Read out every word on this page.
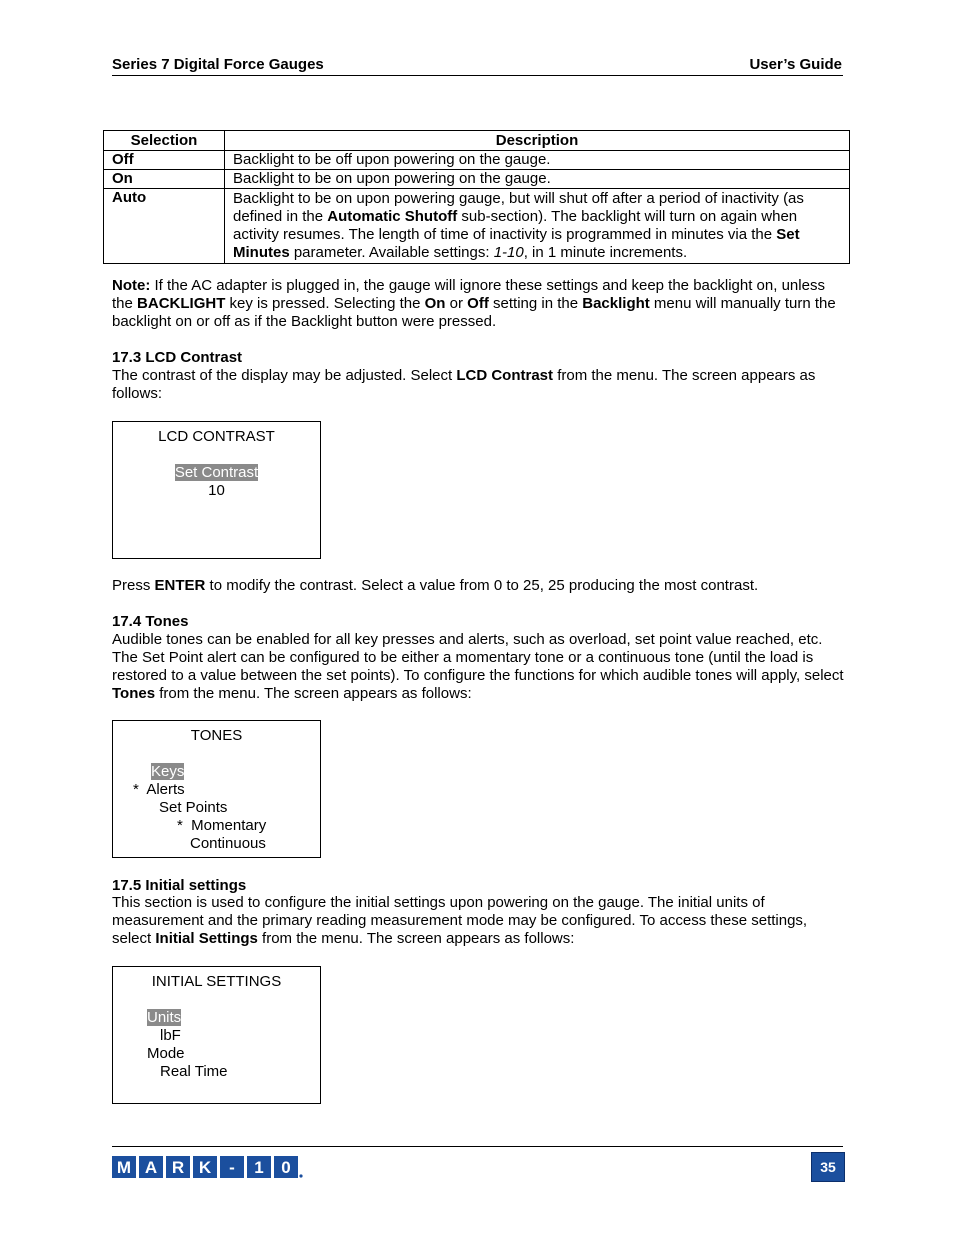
Series 7 Digital Force Gauges	User’s Guide
Selection	Description
Off	Backlight to be off upon powering on the gauge.
On	Backlight to be on upon powering on the gauge.
Auto	Backlight to be on upon powering gauge, but will shut off after a period of inactivity (as defined in the Automatic Shutoff sub-section). The backlight will turn on again when activity resumes. The length of time of inactivity is programmed in minutes via the Set Minutes parameter. Available settings: 1-10, in 1 minute increments.
Note: If the AC adapter is plugged in, the gauge will ignore these settings and keep the backlight on, unless the BACKLIGHT key is pressed. Selecting the On or Off setting in the Backlight menu will manually turn the backlight on or off as if the Backlight button were pressed.
17.3 LCD Contrast
The contrast of the display may be adjusted. Select LCD Contrast from the menu. The screen appears as follows:
LCD CONTRAST
Set Contrast
10
Press ENTER to modify the contrast. Select a value from 0 to 25, 25 producing the most contrast.
17.4 Tones
Audible tones can be enabled for all key presses and alerts, such as overload, set point value reached, etc. The Set Point alert can be configured to be either a momentary tone or a continuous tone (until the load is restored to a value between the set points). To configure the functions for which audible tones will apply, select Tones from the menu. The screen appears as follows:
TONES
Keys
*  Alerts
Set Points
*  Momentary
Continuous
17.5 Initial settings
This section is used to configure the initial settings upon powering on the gauge. The initial units of measurement and the primary reading measurement mode may be configured. To access these settings, select Initial Settings from the menu. The screen appears as follows:
INITIAL SETTINGS
Units
lbF
Mode
Real Time
M A R K - 1 0	35
